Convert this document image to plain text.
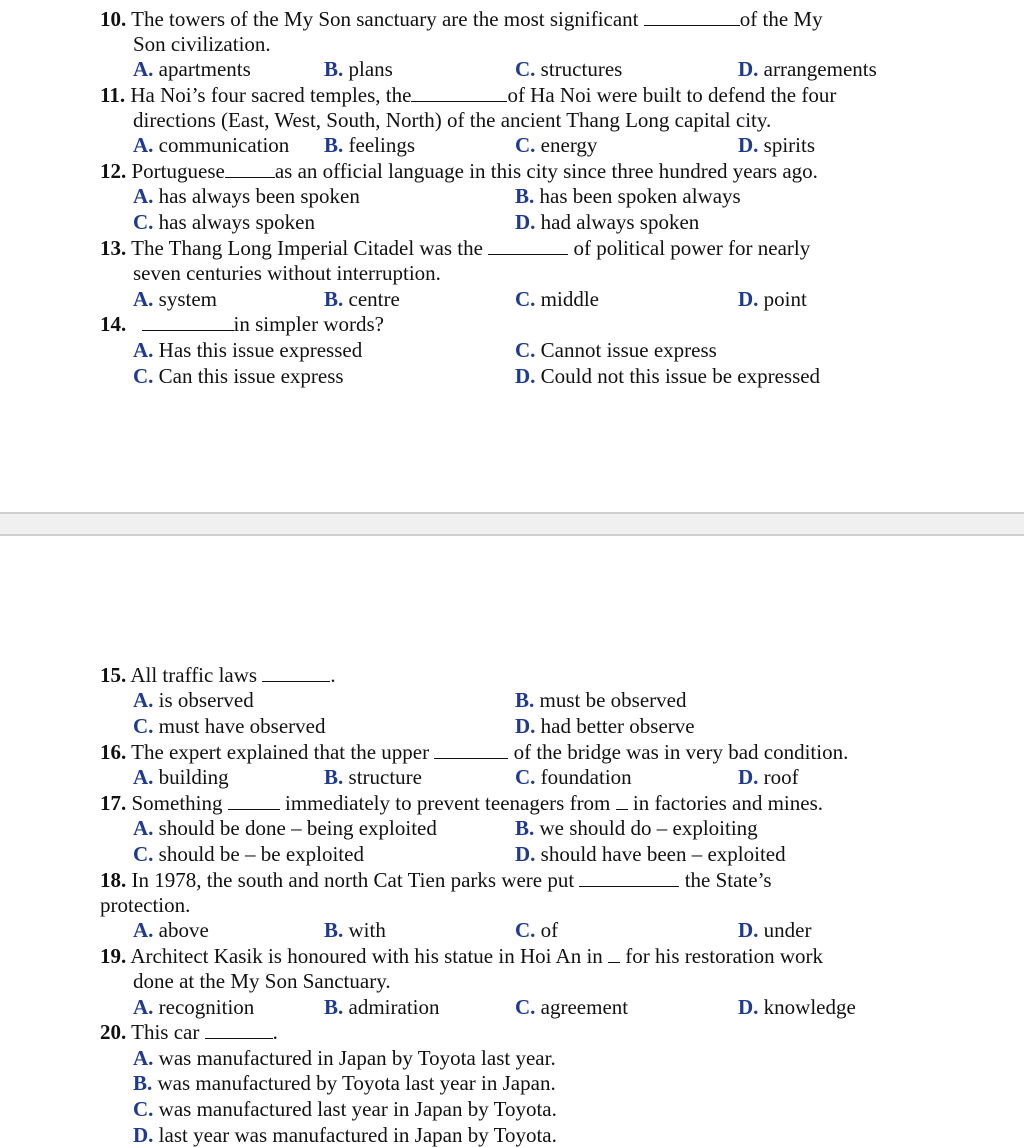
10. The towers of the My Son sanctuary are the most significant	of the My
Son civilization.
A. apartments	B. plans	C. structures	D. arrangements
11. Ha Noi’s four sacred temples, the	of Ha Noi were built to defend the four
directions (East, West, South, North) of the ancient Thang Long capital city.
A. communication B. feelings	C. energy	D. spirits
12. Portuguese as an official language in this city since three hundred years ago.
A. has always been spoken	B. has been spoken always
C. has always spoken	D. had always spoken
13. The Thang Long Imperial Citadel was the	of political power for nearly
seven centuries without interruption.
A. system	B. centre	C. middle	D. point
14.	in simpler words?
A. Has this issue expressed	C. Cannot issue express
C. Can this issue express	D. Could not this issue be expressed
15. All traffic laws	.
A. is observed	B. must be observed
C. must have observed	D. had better observe
16. The expert explained that the upper	of the bridge was in very bad condition.
A. building	B. structure	C. foundation	D. roof
17. Something	immediately to prevent teenagers from in factories and mines.
A. should be done – being exploited	B. we should do – exploiting
C. should be – be exploited	D. should have been – exploited
18. In 1978, the south and north Cat Tien parks were put	the State’s
protection.
A. above	B. with	C. of	D. under
19. Architect Kasik is honoured with his statue in Hoi An in for his restoration work
done at the My Son Sanctuary.
A. recognition	B. admiration	C. agreement	D. knowledge
20. This car	.
A. was manufactured in Japan by Toyota last year.
B. was manufactured by Toyota last year in Japan.
C. was manufactured last year in Japan by Toyota.
D. last year was manufactured in Japan by Toyota.
